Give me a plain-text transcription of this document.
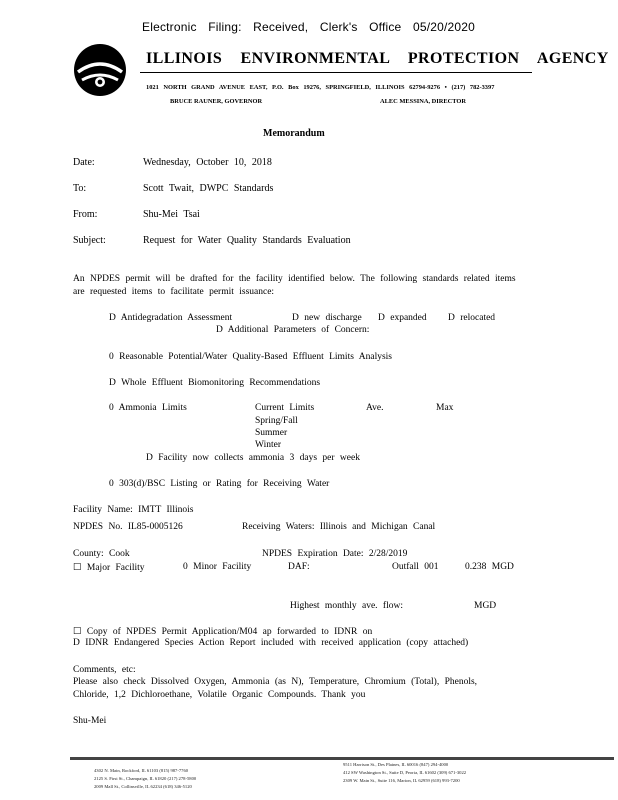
Electronic Filing: Received, Clerk's Office 05/20/2020
ILLINOIS ENVIRONMENTAL PROTECTION AGENCY
1021 NORTH GRAND AVENUE EAST, P.O. Box 19276, SPRINGFIELD, ILLINOIS 62794-9276 • (217) 782-3397
BRUCE RAUNER, GOVERNOR	ALEC MESSINA, DIRECTOR
Memorandum
Date:	Wednesday, October 10, 2018
To:	Scott Twait, DWPC Standards
From:	Shu-Mei Tsai
Subject:	Request for Water Quality Standards Evaluation
An NPDES permit will be drafted for the facility identified below. The following standards related items
are requested items to facilitate permit issuance:
D Antidegradation Assessment	D new discharge D expanded D relocated
D Additional Parameters of Concern:
0 Reasonable Potential/Water Quality-Based Effluent Limits Analysis
D Whole Effluent Biomonitoring Recommendations
0 Ammonia Limits	Current Limits	Ave.	Max
Spring/Fall
Summer
Winter
D Facility now collects ammonia 3 days per week
0 303(d)/BSC Listing or Rating for Receiving Water
Facility Name: IMTT Illinois
NPDES No. IL85-0005126	Receiving Waters: Illinois and Michigan Canal
County: Cook	NPDES Expiration Date: 2/28/2019
☐ Major Facility	0 Minor Facility	DAF:	Outfall 001	0.238 MGD
Highest monthly ave. flow:	MGD
☐ Copy of NPDES Permit Application/M04 ap forwarded to IDNR on
D IDNR Endangered Species Action Report included with received application (copy attached)
Comments, etc:
Please also check Dissolved Oxygen, Ammonia (as N), Temperature, Chromium (Total), Phenols,
Chloride, 1,2 Dichloroethane, Volatile Organic Compounds. Thank you
Shu-Mei
4302 N. Main, Rockford, IL 61103 (815) 987-7760
2125 S. First St., Champaign, IL 61820 (217) 278-5800
2009 Mall St., Collinsville, IL 62234 (618) 346-5120
9511 Harrison St., Des Plaines, IL 60016 (847) 294-4000
412 SW Washington St., Suite D, Peoria, IL 61602 (309) 671-3022
2309 W. Main St., Suite 116, Marion, IL 62959 (618) 993-7200
